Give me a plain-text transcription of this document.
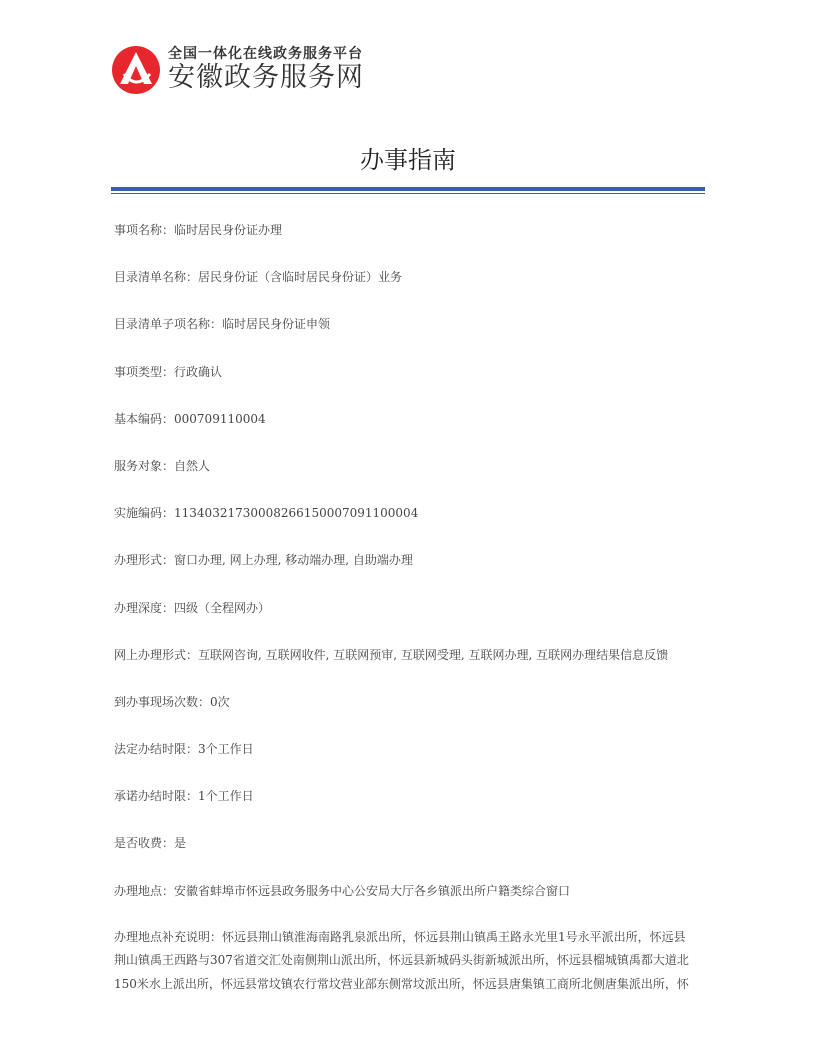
全国一体化在线政务服务平台
安徽政务服务网
办事指南
事项名称：临时居民身份证办理
目录清单名称：居民身份证（含临时居民身份证）业务
目录清单子项名称：临时居民身份证申领
事项类型：行政确认
基本编码：000709110004
服务对象：自然人
实施编码：11340321730008266150007091100004
办理形式：窗口办理, 网上办理, 移动端办理, 自助端办理
办理深度：四级（全程网办）
网上办理形式：互联网咨询, 互联网收件, 互联网预审, 互联网受理, 互联网办理, 互联网办理结果信息反馈
到办事现场次数：0次
法定办结时限：3个工作日
承诺办结时限：1个工作日
是否收费：是
办理地点：安徽省蚌埠市怀远县政务服务中心公安局大厅各乡镇派出所户籍类综合窗口
办理地点补充说明：怀远县荆山镇淮海南路乳泉派出所，怀远县荆山镇禹王路永光里1号永平派出所，怀远县荆山镇禹王西路与307省道交汇处南侧荆山派出所，怀远县新城码头街新城派出所，怀远县榴城镇禹都大道北150米水上派出所，怀远县常坟镇农行常坟营业部东侧常坟派出所，怀远县唐集镇工商所北侧唐集派出所，怀
